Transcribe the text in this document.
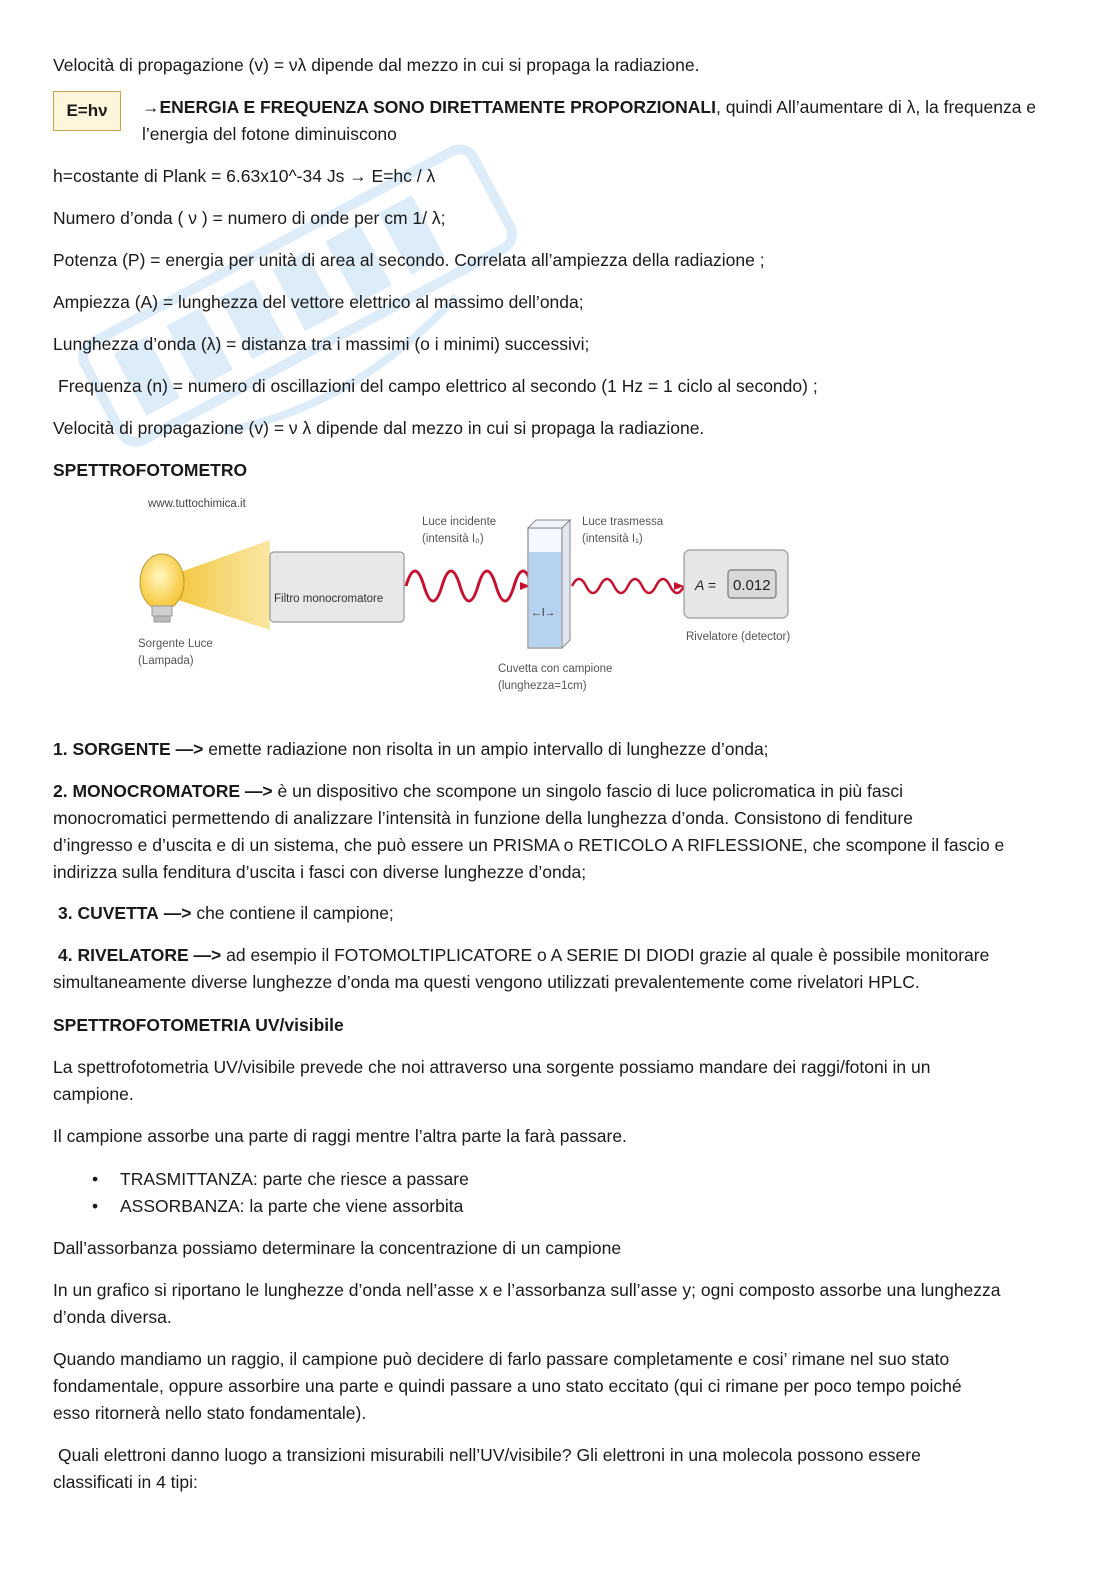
Velocità di propagazione (v) = νλ dipende dal mezzo in cui si propaga la radiazione.

E=hν	→ENERGIA E FREQUENZA SONO DIRETTAMENTE PROPORZIONALI, quindi All’aumentare di λ, la frequenza e
l’energia del fotone diminuiscono

h=costante di Plank = 6.63x10^-34 Js → E=hc / λ

Numero d’onda ( ν ) = numero di onde per cm 1/ λ;

Potenza (P) = energia per unità di area al secondo. Correlata all’ampiezza della radiazione ;

Ampiezza (A) = lunghezza del vettore elettrico al massimo dell’onda;

Lunghezza d’onda (λ) = distanza tra i massimi (o i minimi) successivi;

Frequenza (n) = numero di oscillazioni del campo elettrico al secondo (1 Hz = 1 ciclo al secondo) ;

Velocità di propagazione (v) = ν λ dipende dal mezzo in cui si propaga la radiazione.

SPETTROFOTOMETRO

www.tuttochimica.it
Sorgente Luce
(Lampada)
Filtro monocromatore
Luce incidente
(intensità I₀)
←l→
Cuvetta con campione
(lunghezza=1cm)
Luce trasmessa
(intensità I₁)
A = 0.012
Rivelatore (detector)

1. SORGENTE —> emette radiazione non risolta in un ampio intervallo di lunghezze d’onda;

2. MONOCROMATORE —> è un dispositivo che scompone un singolo fascio di luce policromatica in più fasci
monocromatici permettendo di analizzare l’intensità in funzione della lunghezza d’onda. Consistono di fenditure
d’ingresso e d’uscita e di un sistema, che può essere un PRISMA o RETICOLO A RIFLESSIONE, che scompone il fascio e
indirizza sulla fenditura d’uscita i fasci con diverse lunghezze d’onda;

3. CUVETTA —> che contiene il campione;

4. RIVELATORE —> ad esempio il FOTOMOLTIPLICATORE o A SERIE DI DIODI grazie al quale è possibile monitorare
simultaneamente diverse lunghezze d’onda ma questi vengono utilizzati prevalentemente come rivelatori HPLC.

SPETTROFOTOMETRIA UV/visibile

La spettrofotometria UV/visibile prevede che noi attraverso una sorgente possiamo mandare dei raggi/fotoni in un
campione.

Il campione assorbe una parte di raggi mentre l’altra parte la farà passare.

• TRASMITTANZA: parte che riesce a passare
• ASSORBANZA: la parte che viene assorbita

Dall’assorbanza possiamo determinare la concentrazione di un campione

In un grafico si riportano le lunghezze d’onda nell’asse x e l’assorbanza sull’asse y; ogni composto assorbe una lunghezza
d’onda diversa.

Quando mandiamo un raggio, il campione può decidere di farlo passare completamente e cosi’ rimane nel suo stato
fondamentale, oppure assorbire una parte e quindi passare a uno stato eccitato (qui ci rimane per poco tempo poiché
esso ritornerà nello stato fondamentale).

Quali elettroni danno luogo a transizioni misurabili nell’UV/visibile? Gli elettroni in una molecola possono essere
classificati in 4 tipi:
